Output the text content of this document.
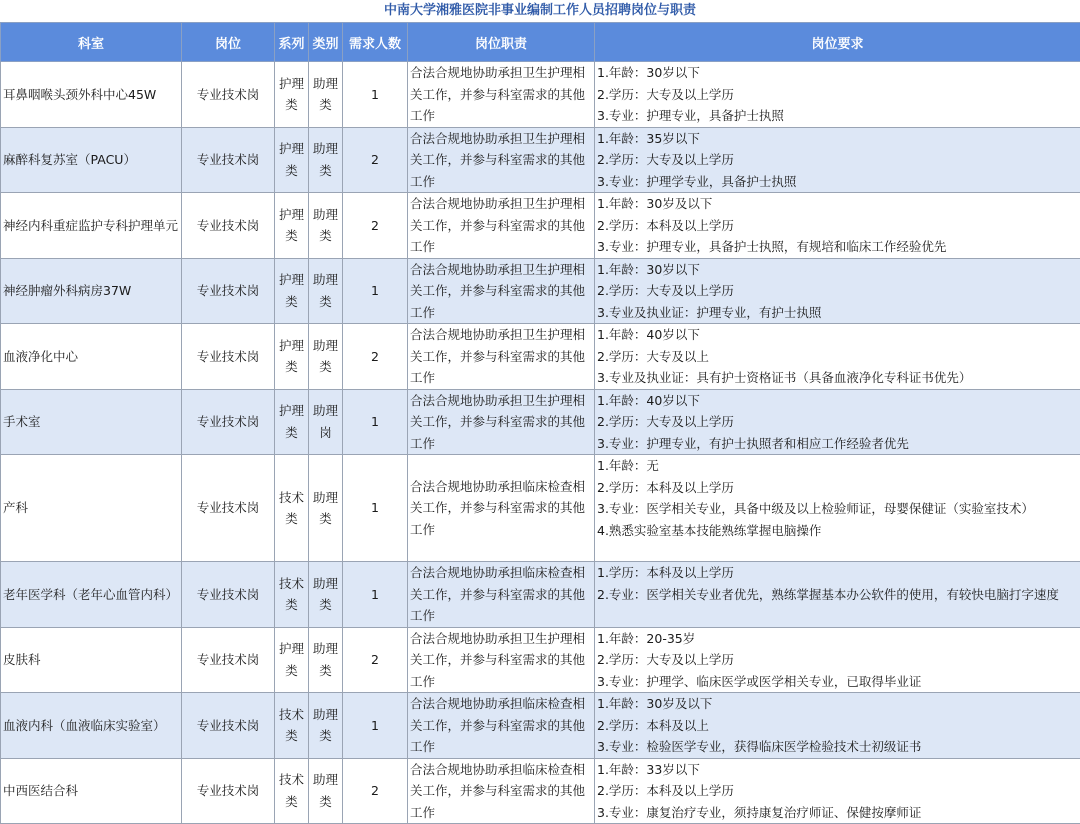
中南大学湘雅医院非事业编制工作人员招聘岗位与职责
科室	岗位	系列	类别	需求人数	岗位职责	岗位要求
耳鼻咽喉头颈外科中心45W	专业技术岗	护理类	助理类	1	合法合规地协助承担卫生护理相关工作，并参与科室需求的其他工作	1.年龄：30岁以下
2.学历：大专及以上学历
3.专业：护理专业，具备护士执照

麻醉科复苏室（PACU）	专业技术岗	护理类	助理类	2	合法合规地协助承担卫生护理相关工作，并参与科室需求的其他工作	1.年龄：35岁以下
2.学历：大专及以上学历
3.专业：护理学专业，具备护士执照

神经内科重症监护专科护理单元	专业技术岗	护理类	助理类	2	合法合规地协助承担卫生护理相关工作，并参与科室需求的其他工作	1.年龄：30岁及以下
2.学历：本科及以上学历
3.专业：护理专业，具备护士执照，有规培和临床工作经验优先

神经肿瘤外科病房37W	专业技术岗	护理类	助理类	1	合法合规地协助承担卫生护理相关工作，并参与科室需求的其他工作	1.年龄：30岁以下
2.学历：大专及以上学历
3.专业及执业证：护理专业，有护士执照

血液净化中心	专业技术岗	护理类	助理类	2	合法合规地协助承担卫生护理相关工作，并参与科室需求的其他工作	1.年龄：40岁以下
2.学历：大专及以上
3.专业及执业证：具有护士资格证书（具备血液净化专科证书优先）

手术室	专业技术岗	护理类	助理岗	1	合法合规地协助承担卫生护理相关工作，并参与科室需求的其他工作	1.年龄：40岁以下
2.学历：大专及以上学历
3.专业：护理专业，有护士执照者和相应工作经验者优先

产科	专业技术岗	技术类	助理类	1	合法合规地协助承担临床检查相关工作，并参与科室需求的其他工作	1.年龄：无
2.学历：本科及以上学历
3.专业：医学相关专业，具备中级及以上检验师证，母婴保健证（实验室技术）
4.熟悉实验室基本技能熟练掌握电脑操作

老年医学科（老年心血管内科）	专业技术岗	技术类	助理类	1	合法合规地协助承担临床检查相关工作，并参与科室需求的其他工作	1.学历：本科及以上学历
2.专业：医学相关专业者优先，熟练掌握基本办公软件的使用，有较快电脑打字速度

皮肤科	专业技术岗	护理类	助理类	2	合法合规地协助承担卫生护理相关工作，并参与科室需求的其他工作	1.年龄：20-35岁
2.学历：大专及以上学历
3.专业：护理学、临床医学或医学相关专业，已取得毕业证

血液内科（血液临床实验室）	专业技术岗	技术类	助理类	1	合法合规地协助承担临床检查相关工作，并参与科室需求的其他工作	1.年龄：30岁及以下
2.学历：本科及以上
3.专业：检验医学专业，获得临床医学检验技术士初级证书

中西医结合科	专业技术岗	技术类	助理类	2	合法合规地协助承担临床检查相关工作，并参与科室需求的其他工作	1.年龄：33岁以下
2.学历：本科及以上学历
3.专业：康复治疗专业，须持康复治疗师证、保健按摩师证
